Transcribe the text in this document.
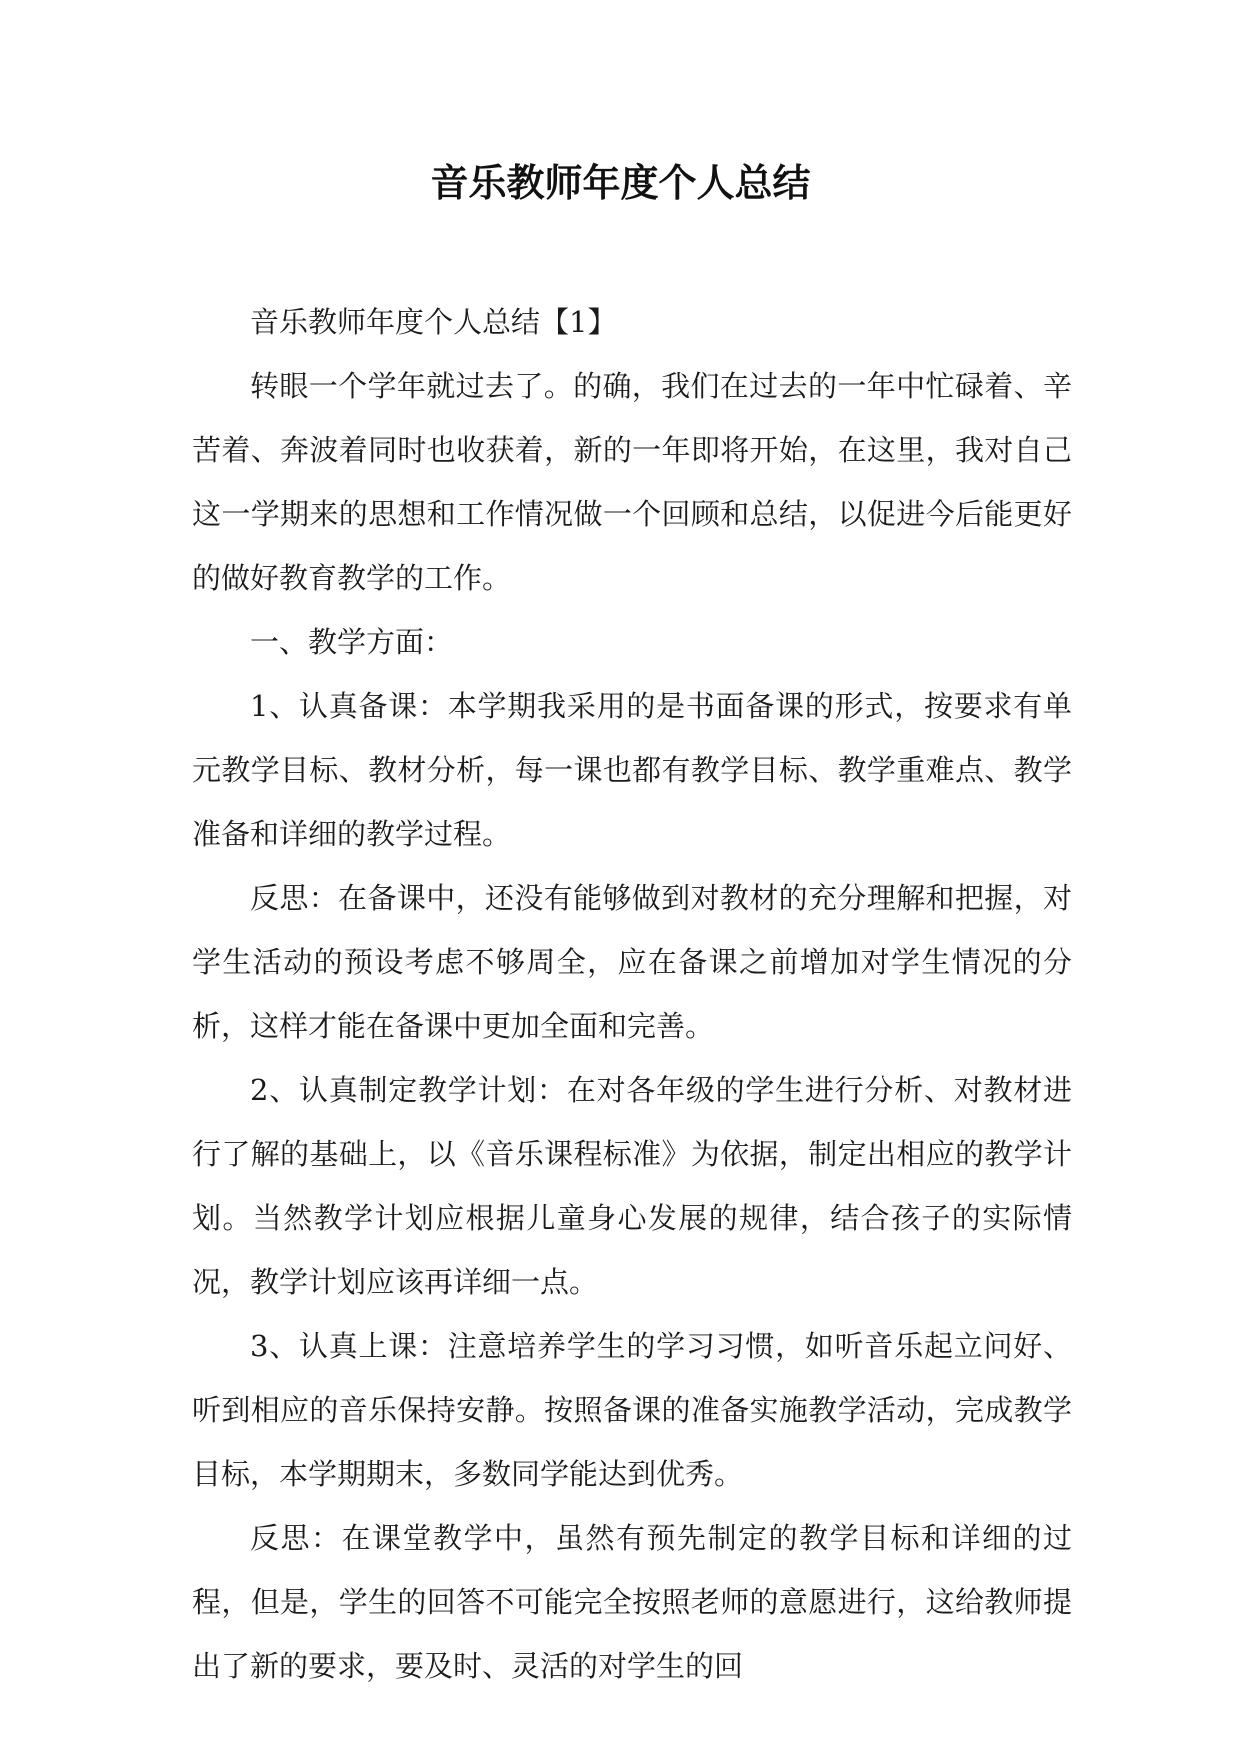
音乐教师年度个人总结

音乐教师年度个人总结【1】

转眼一个学年就过去了。的确，我们在过去的一年中忙碌着、辛苦着、奔波着同时也收获着，新的一年即将开始，在这里，我对自己这一学期来的思想和工作情况做一个回顾和总结，以促进今后能更好的做好教育教学的工作。

一、教学方面：

1、认真备课：本学期我采用的是书面备课的形式，按要求有单元教学目标、教材分析，每一课也都有教学目标、教学重难点、教学准备和详细的教学过程。

反思：在备课中，还没有能够做到对教材的充分理解和把握，对学生活动的预设考虑不够周全，应在备课之前增加对学生情况的分析，这样才能在备课中更加全面和完善。

2、认真制定教学计划：在对各年级的学生进行分析、对教材进行了解的基础上，以《音乐课程标准》为依据，制定出相应的教学计划。当然教学计划应根据儿童身心发展的规律，结合孩子的实际情况，教学计划应该再详细一点。

3、认真上课：注意培养学生的学习习惯，如听音乐起立问好、听到相应的音乐保持安静。按照备课的准备实施教学活动，完成教学目标，本学期期末，多数同学能达到优秀。

反思：在课堂教学中，虽然有预先制定的教学目标和详细的过程，但是，学生的回答不可能完全按照老师的意愿进行，这给教师提出了新的要求，要及时、灵活的对学生的回
